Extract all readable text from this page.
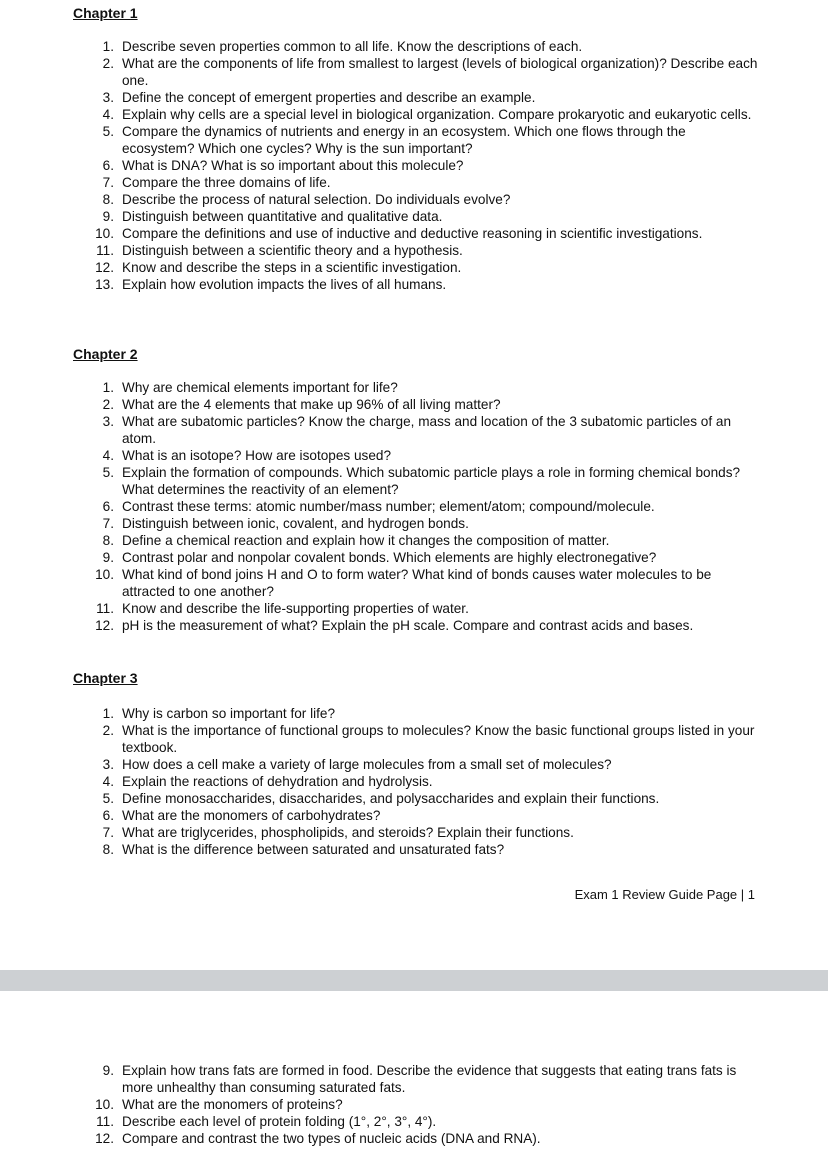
Chapter 1
1. Describe seven properties common to all life. Know the descriptions of each.
2. What are the components of life from smallest to largest (levels of biological organization)? Describe each one.
3. Define the concept of emergent properties and describe an example.
4. Explain why cells are a special level in biological organization. Compare prokaryotic and eukaryotic cells.
5. Compare the dynamics of nutrients and energy in an ecosystem. Which one flows through the ecosystem? Which one cycles? Why is the sun important?
6. What is DNA? What is so important about this molecule?
7. Compare the three domains of life.
8. Describe the process of natural selection. Do individuals evolve?
9. Distinguish between quantitative and qualitative data.
10. Compare the definitions and use of inductive and deductive reasoning in scientific investigations.
11. Distinguish between a scientific theory and a hypothesis.
12. Know and describe the steps in a scientific investigation.
13. Explain how evolution impacts the lives of all humans.
Chapter 2
1. Why are chemical elements important for life?
2. What are the 4 elements that make up 96% of all living matter?
3. What are subatomic particles? Know the charge, mass and location of the 3 subatomic particles of an atom.
4. What is an isotope? How are isotopes used?
5. Explain the formation of compounds. Which subatomic particle plays a role in forming chemical bonds? What determines the reactivity of an element?
6. Contrast these terms: atomic number/mass number; element/atom; compound/molecule.
7. Distinguish between ionic, covalent, and hydrogen bonds.
8. Define a chemical reaction and explain how it changes the composition of matter.
9. Contrast polar and nonpolar covalent bonds. Which elements are highly electronegative?
10. What kind of bond joins H and O to form water? What kind of bonds causes water molecules to be attracted to one another?
11. Know and describe the life-supporting properties of water.
12. pH is the measurement of what? Explain the pH scale. Compare and contrast acids and bases.
Chapter 3
1. Why is carbon so important for life?
2. What is the importance of functional groups to molecules? Know the basic functional groups listed in your textbook.
3. How does a cell make a variety of large molecules from a small set of molecules?
4. Explain the reactions of dehydration and hydrolysis.
5. Define monosaccharides, disaccharides, and polysaccharides and explain their functions.
6. What are the monomers of carbohydrates?
7. What are triglycerides, phospholipids, and steroids? Explain their functions.
8. What is the difference between saturated and unsaturated fats?
Exam 1 Review Guide Page | 1
9. Explain how trans fats are formed in food. Describe the evidence that suggests that eating trans fats is more unhealthy than consuming saturated fats.
10. What are the monomers of proteins?
11. Describe each level of protein folding (1°, 2°, 3°, 4°).
12. Compare and contrast the two types of nucleic acids (DNA and RNA).
